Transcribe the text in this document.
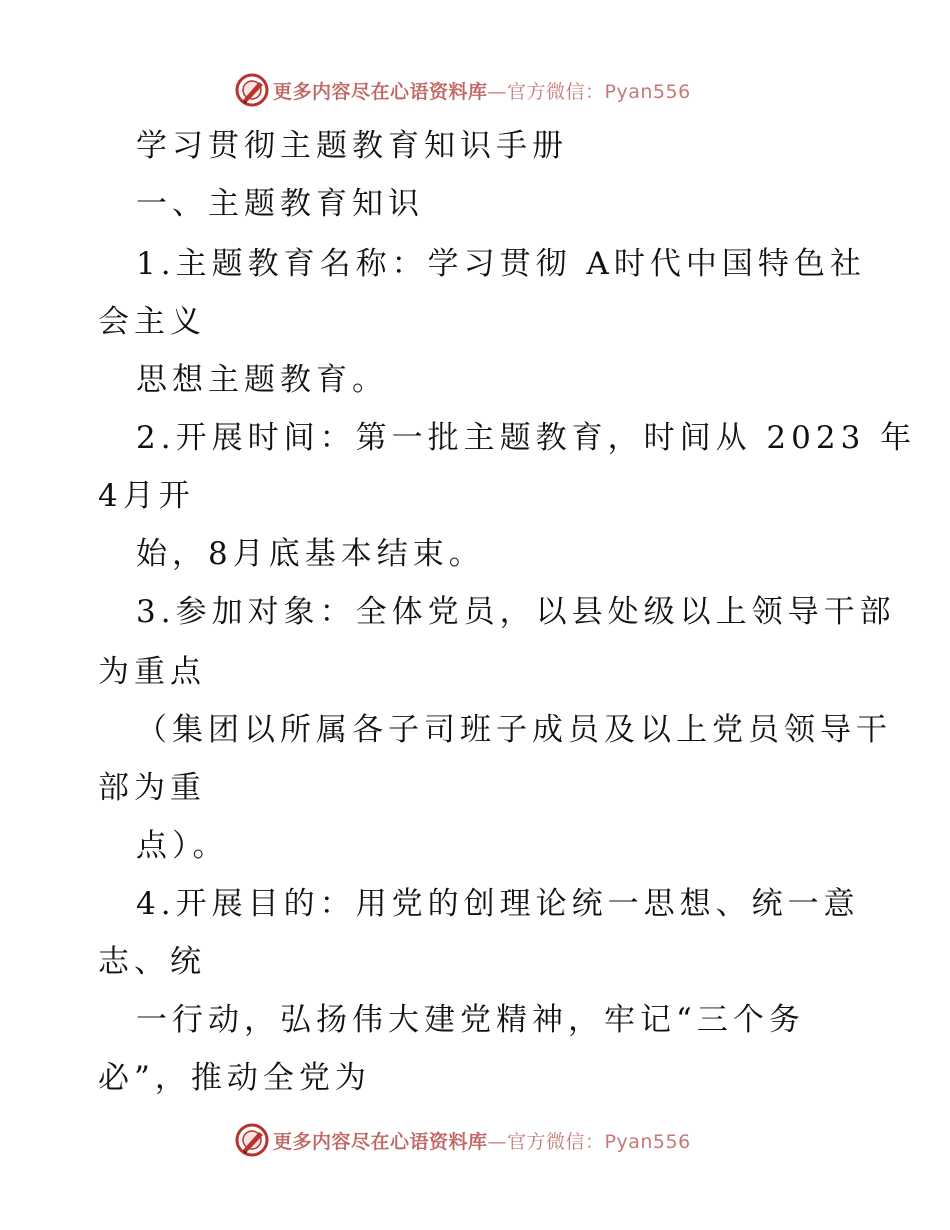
更多内容尽在心语资料库—官方微信：Pyan556
学习贯彻主题教育知识手册
一、主题教育知识
1.主题教育名称：学习贯彻 A时代中国特色社
会主义
思想主题教育。
2.开展时间：第一批主题教育，时间从 2023 年
4月开
始，8月底基本结束。
3.参加对象：全体党员，以县处级以上领导干部
为重点
（集团以所属各子司班子成员及以上党员领导干
部为重
点）。
4.开展目的：用党的创理论统一思想、统一意
志、统
一行动，弘扬伟大建党精神，牢记“三个务
必”，推动全党为
更多内容尽在心语资料库—官方微信：Pyan556
